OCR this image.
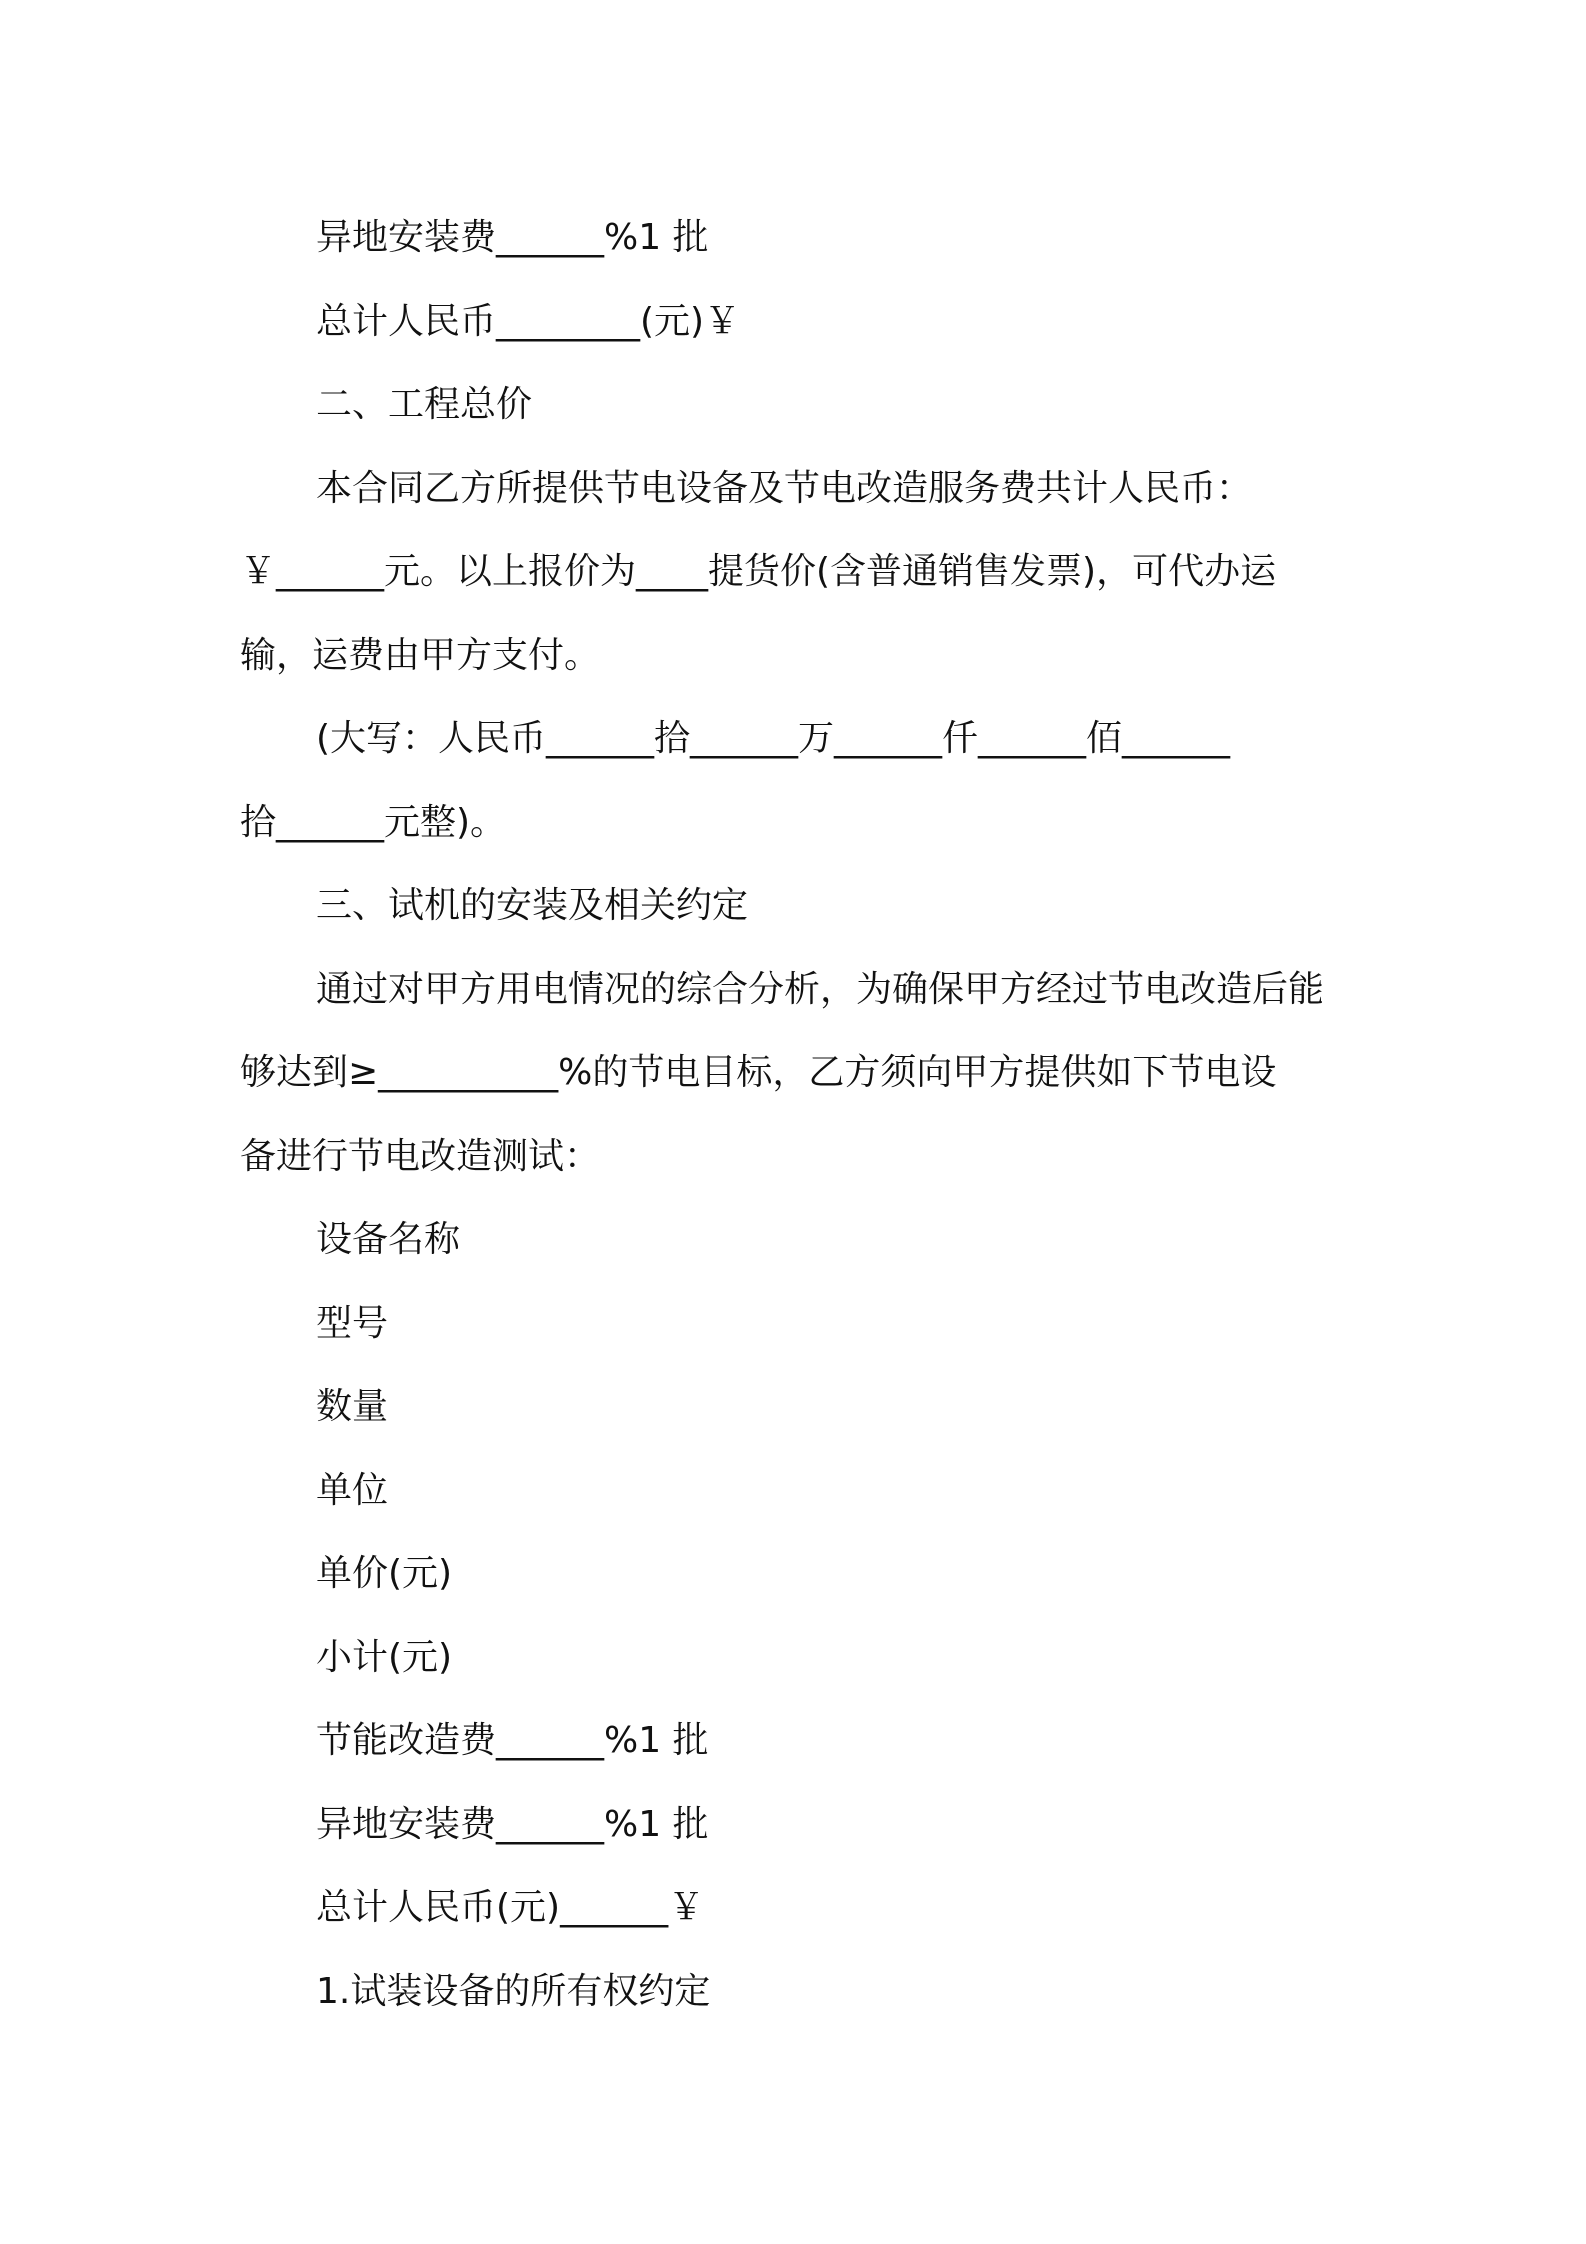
异地安装费______%1 批

总计人民币________(元)￥

二、工程总价

本合同乙方所提供节电设备及节电改造服务费共计人民币：

￥______元。以上报价为____提货价(含普通销售发票)，可代办运

输，运费由甲方支付。

(大写：人民币______拾______万______仟______佰______

拾______元整)。

三、试机的安装及相关约定

通过对甲方用电情况的综合分析，为确保甲方经过节电改造后能

够达到≥__________%的节电目标，乙方须向甲方提供如下节电设

备进行节电改造测试：

设备名称

型号

数量

单位

单价(元)

小计(元)

节能改造费______%1 批

异地安装费______%1 批

总计人民币(元)______￥

1.试装设备的所有权约定
